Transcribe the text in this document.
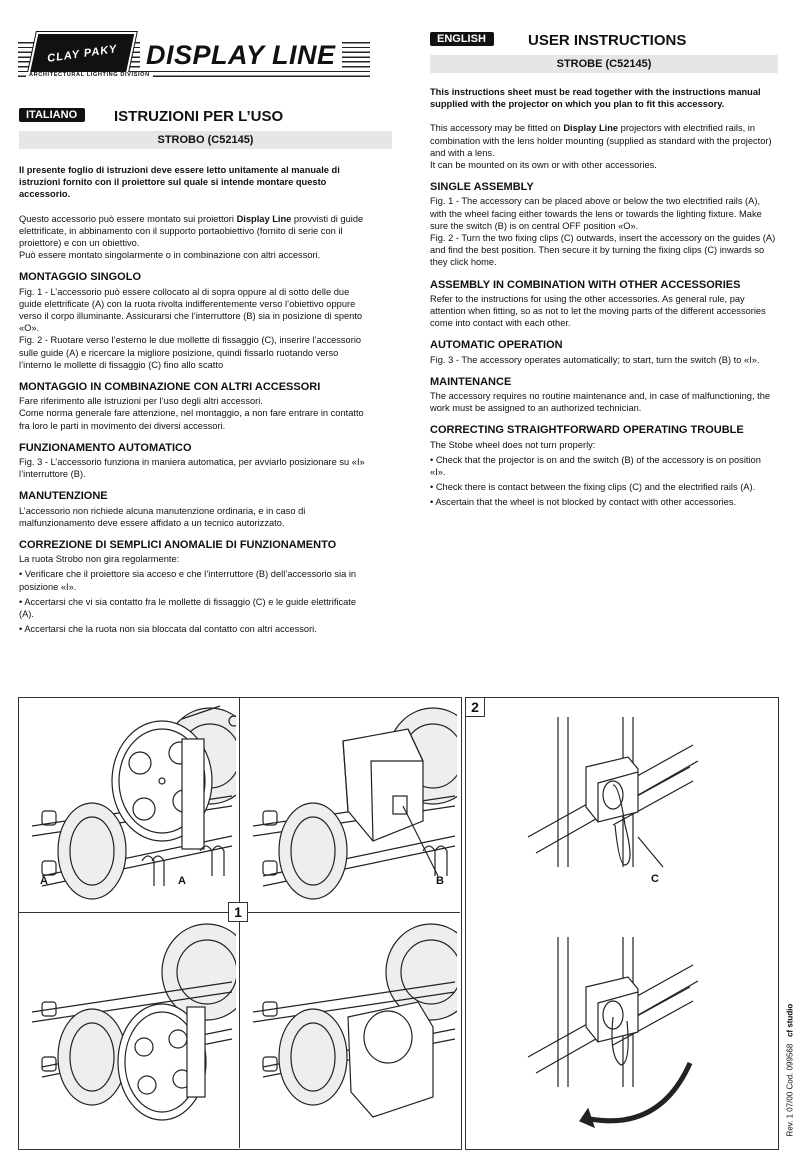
CLAY PAKY	DISPLAY LINE
ARCHITECTURAL LIGHTING DIVISION
ITALIANO	ISTRUZIONI PER L’USO
STROBO (C52145)

Il presente foglio di istruzioni deve essere letto unitamente al manuale di istruzioni fornito con il proiettore sul quale si intende montare questo accessorio.

Questo accessorio può essere montato sui proiettori Display Line provvisti di guide elettrificate, in abbinamento con il supporto portaobiettivo (fornito di serie con il proiettore) e con un obiettivo.
Può essere montato singolarmente o in combinazione con altri accessori.

MONTAGGIO SINGOLO

Fig. 1 - L’accessorio può essere collocato al di sopra oppure al di sotto delle due guide elettrificate (A) con la ruota rivolta indifferentemente verso l’obiettivo oppure verso il corpo illuminante. Assicurarsi che l’interruttore (B) sia in posizione di spento «O».

Fig. 2 - Ruotare verso l’esterno le due mollette di fissaggio (C), inserire l’accessorio sulle guide (A) e ricercare la migliore posizione, quindi fissarlo ruotando verso l’interno le mollette di fissaggio (C) fino allo scatto

MONTAGGIO IN COMBINAZIONE CON ALTRI ACCESSORI

Fare riferimento alle istruzioni per l’uso degli altri accessori.

Come norma generale fare attenzione, nel montaggio, a non fare entrare in contatto fra loro le parti in movimento dei diversi accessori.

FUNZIONAMENTO AUTOMATICO

Fig. 3 - L’accessorio funziona in maniera automatica, per avviarlo posizionare su «I» l’interruttore (B).

MANUTENZIONE

L’accessorio non richiede alcuna manutenzione ordinaria, e in caso di malfunzionamento deve essere affidato a un tecnico autorizzato.

CORREZIONE DI SEMPLICI ANOMALIE DI FUNZIONAMENTO

La ruota Strobo non gira regolarmente:

• Verificare che il proiettore sia acceso e che l’interruttore (B) dell’accessorio sia in posizione «I».

• Accertarsi che vi sia contatto fra le mollette di fissaggio (C) e le guide elettrificate (A).

• Accertarsi che la ruota non sia bloccata dal contatto con altri accessori.

ENGLISH	USER INSTRUCTIONS
STROBE (C52145)

This instructions sheet must be read together with the instructions manual supplied with the projector on which you plan to fit this accessory.

This accessory may be fitted on Display Line projectors with electrified rails, in combination with the lens holder mounting (supplied as standard with the projector) and with a lens.
It can be mounted on its own or with other accessories.

SINGLE ASSEMBLY

Fig. 1 - The accessory can be placed above or below the two electrified rails (A), with the wheel facing either towards the lens or towards the lighting fixture. Make sure the switch (B) is on central OFF position «O».

Fig. 2 - Turn the two fixing clips (C) outwards, insert the accessory on the guides (A) and find the best position. Then secure it by turning the fixing clips (C) inwards so they click home.

ASSEMBLY IN COMBINATION WITH OTHER ACCESSORIES

Refer to the instructions for using the other accessories. As general rule, pay attention when fitting, so as not to let the moving parts of the different accessories come into contact with each other.

AUTOMATIC OPERATION

Fig. 3 - The accessory operates automatically; to start, turn the switch (B) to «I».

MAINTENANCE

The accessory requires no routine maintenance and, in case of malfunctioning, the work must be assigned to an authorized technician.

CORRECTING STRAIGHTFORWARD OPERATING TROUBLE

The Stobe wheel does not turn properly:

• Check that the projector is on and the switch (B) of the accessory is on position «I».

• Check there is contact between the fixing clips (C) and the electrified rails (A).

• Ascertain that the wheel is not blocked by contact with other accessories.

1
2
A	A	B	C
Rev. 1 07/00 Cod. 099568   cf studio
